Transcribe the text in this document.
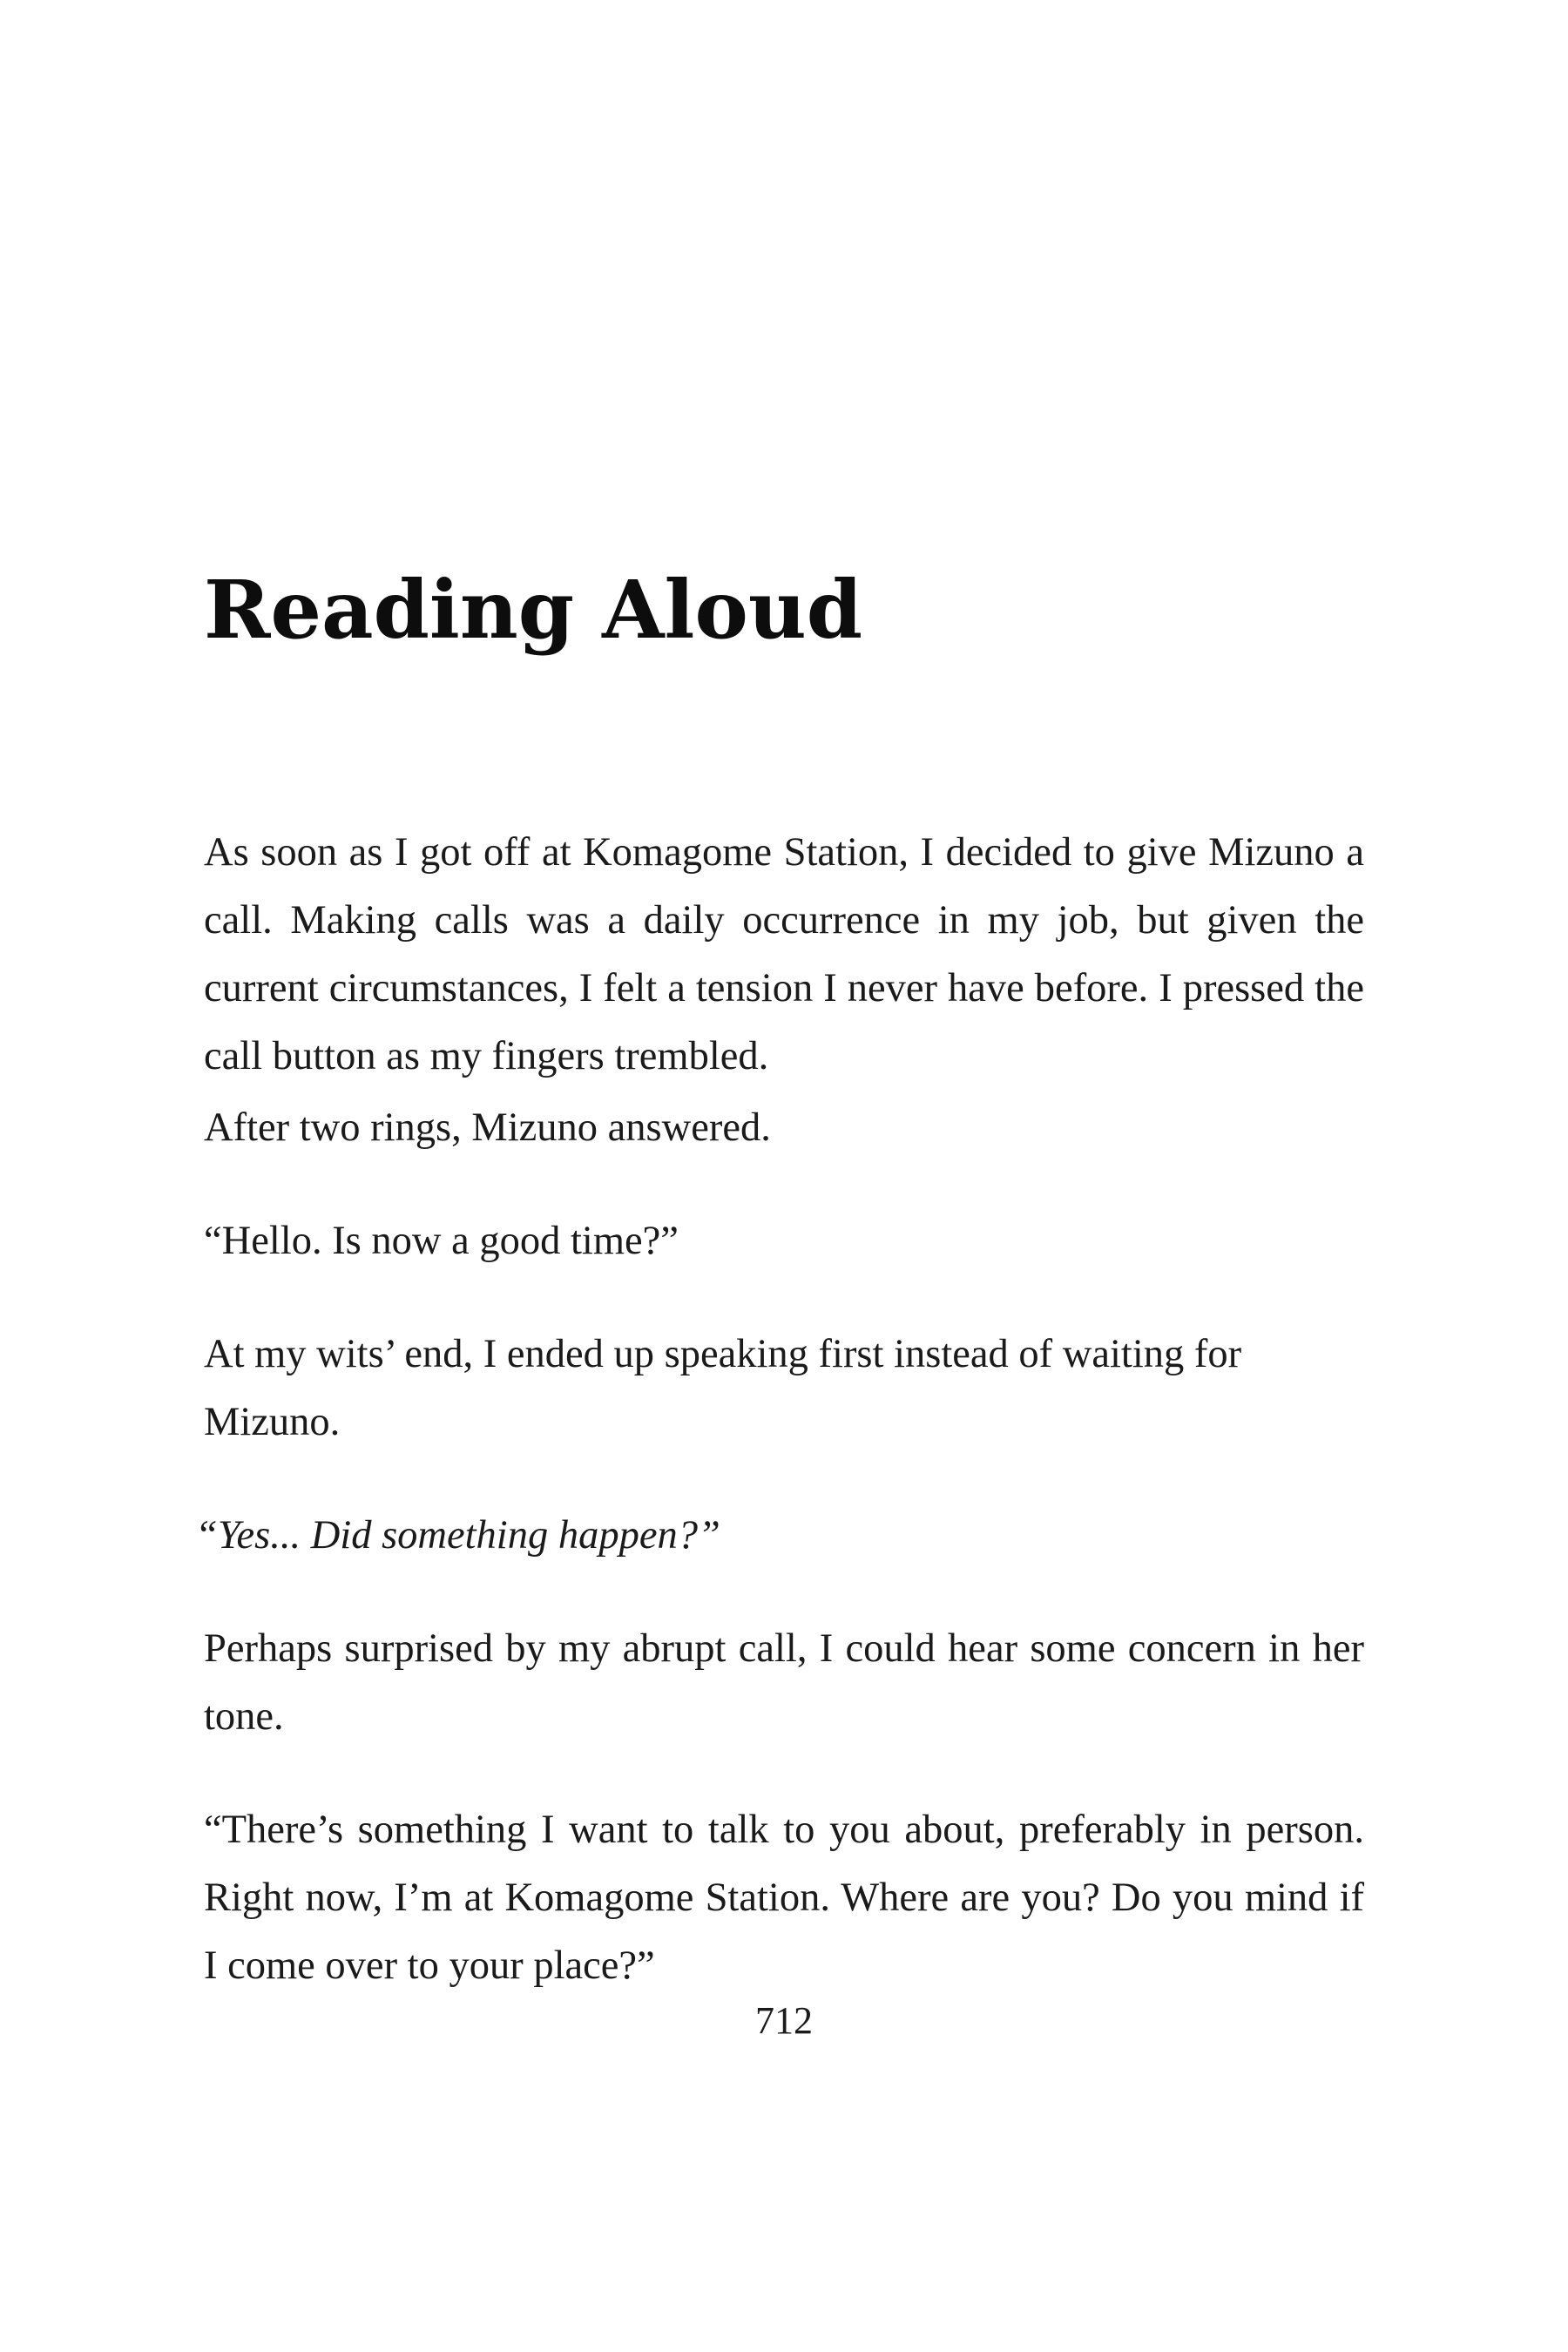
Reading Aloud

As soon as I got off at Komagome Station, I decided to give Mizuno a call. Making calls was a daily occurrence in my job, but given the current circumstances, I felt a tension I never have before. I pressed the call button as my fingers trembled.

After two rings, Mizuno answered.

“Hello. Is now a good time?”

At my wits’ end, I ended up speaking first instead of waiting for Mizuno.

“Yes... Did something happen?”

Perhaps surprised by my abrupt call, I could hear some concern in her tone.

“There’s something I want to talk to you about, preferably in person. Right now, I’m at Komagome Station. Where are you? Do you mind if I come over to your place?”

712
